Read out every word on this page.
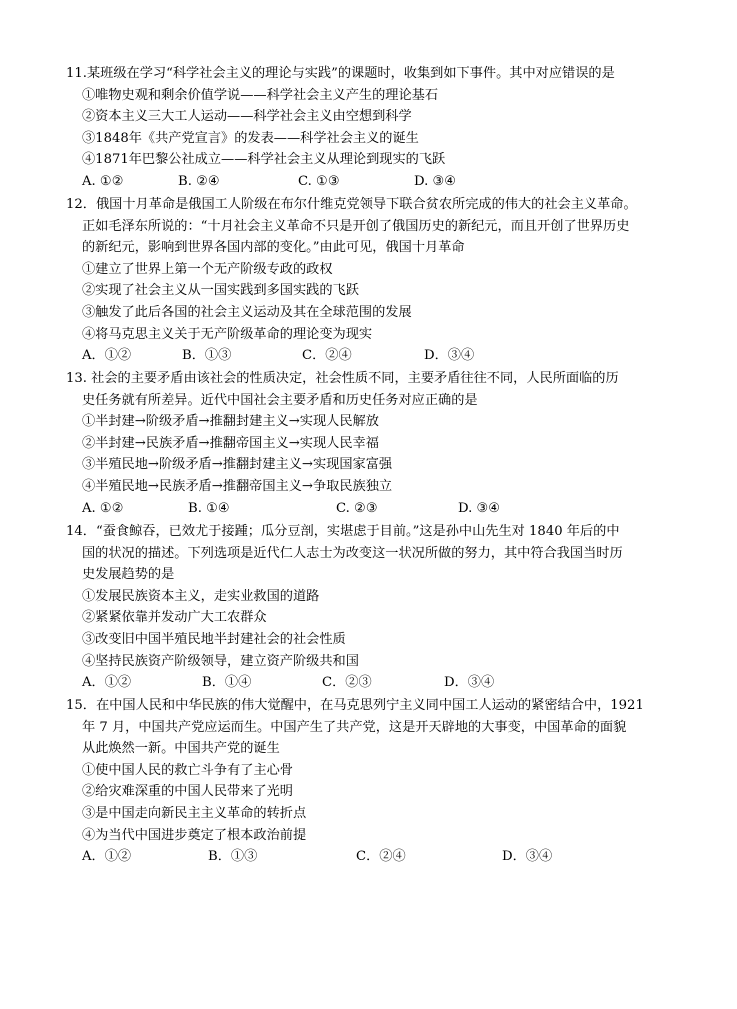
11.某班级在学习“科学社会主义的理论与实践”的课题时，收集到如下事件。其中对应错误的是
①唯物史观和剩余价值学说——科学社会主义产生的理论基石
②资本主义三大工人运动——科学社会主义由空想到科学
③1848年《共产党宣言》的发表——科学社会主义的诞生
④1871年巴黎公社成立——科学社会主义从理论到现实的飞跃
A. ①②	B. ②④	C. ①③	D. ③④
12．俄国十月革命是俄国工人阶级在布尔什维克党领导下联合贫农所完成的伟大的社会主义革命。
正如毛泽东所说的：“十月社会主义革命不只是开创了俄国历史的新纪元，而且开创了世界历史
的新纪元，影响到世界各国内部的变化。”由此可见，俄国十月革命
①建立了世界上第一个无产阶级专政的政权
②实现了社会主义从一国实践到多国实践的飞跃
③触发了此后各国的社会主义运动及其在全球范围的发展
④将马克思主义关于无产阶级革命的理论变为现实
A．①②	B．①③	C．②④	D．③④
13. 社会的主要矛盾由该社会的性质决定，社会性质不同，主要矛盾往往不同，人民所面临的历
史任务就有所差异。近代中国社会主要矛盾和历史任务对应正确的是
①半封建→阶级矛盾→推翻封建主义→实现人民解放
②半封建→民族矛盾→推翻帝国主义→实现人民幸福
③半殖民地→阶级矛盾→推翻封建主义→实现国家富强
④半殖民地→民族矛盾→推翻帝国主义→争取民族独立
A. ①②	B. ①④	C. ②③	D. ③④
14．“蚕食鲸吞，已效尤于接踵；瓜分豆剖，实堪虑于目前。”这是孙中山先生对 1840 年后的中
国的状况的描述。下列选项是近代仁人志士为改变这一状况所做的努力，其中符合我国当时历
史发展趋势的是
①发展民族资本主义，走实业救国的道路
②紧紧依靠并发动广大工农群众
③改变旧中国半殖民地半封建社会的社会性质
④坚持民族资产阶级领导，建立资产阶级共和国
A．①②	B．①④	C．②③	D．③④
15．在中国人民和中华民族的伟大觉醒中，在马克思列宁主义同中国工人运动的紧密结合中，1921
年 7 月，中国共产党应运而生。中国产生了共产党，这是开天辟地的大事变，中国革命的面貌
从此焕然一新。中国共产党的诞生
①使中国人民的救亡斗争有了主心骨
②给灾难深重的中国人民带来了光明
③是中国走向新民主主义革命的转折点
④为当代中国进步奠定了根本政治前提
A．①②	B．①③	C．②④	D．③④
